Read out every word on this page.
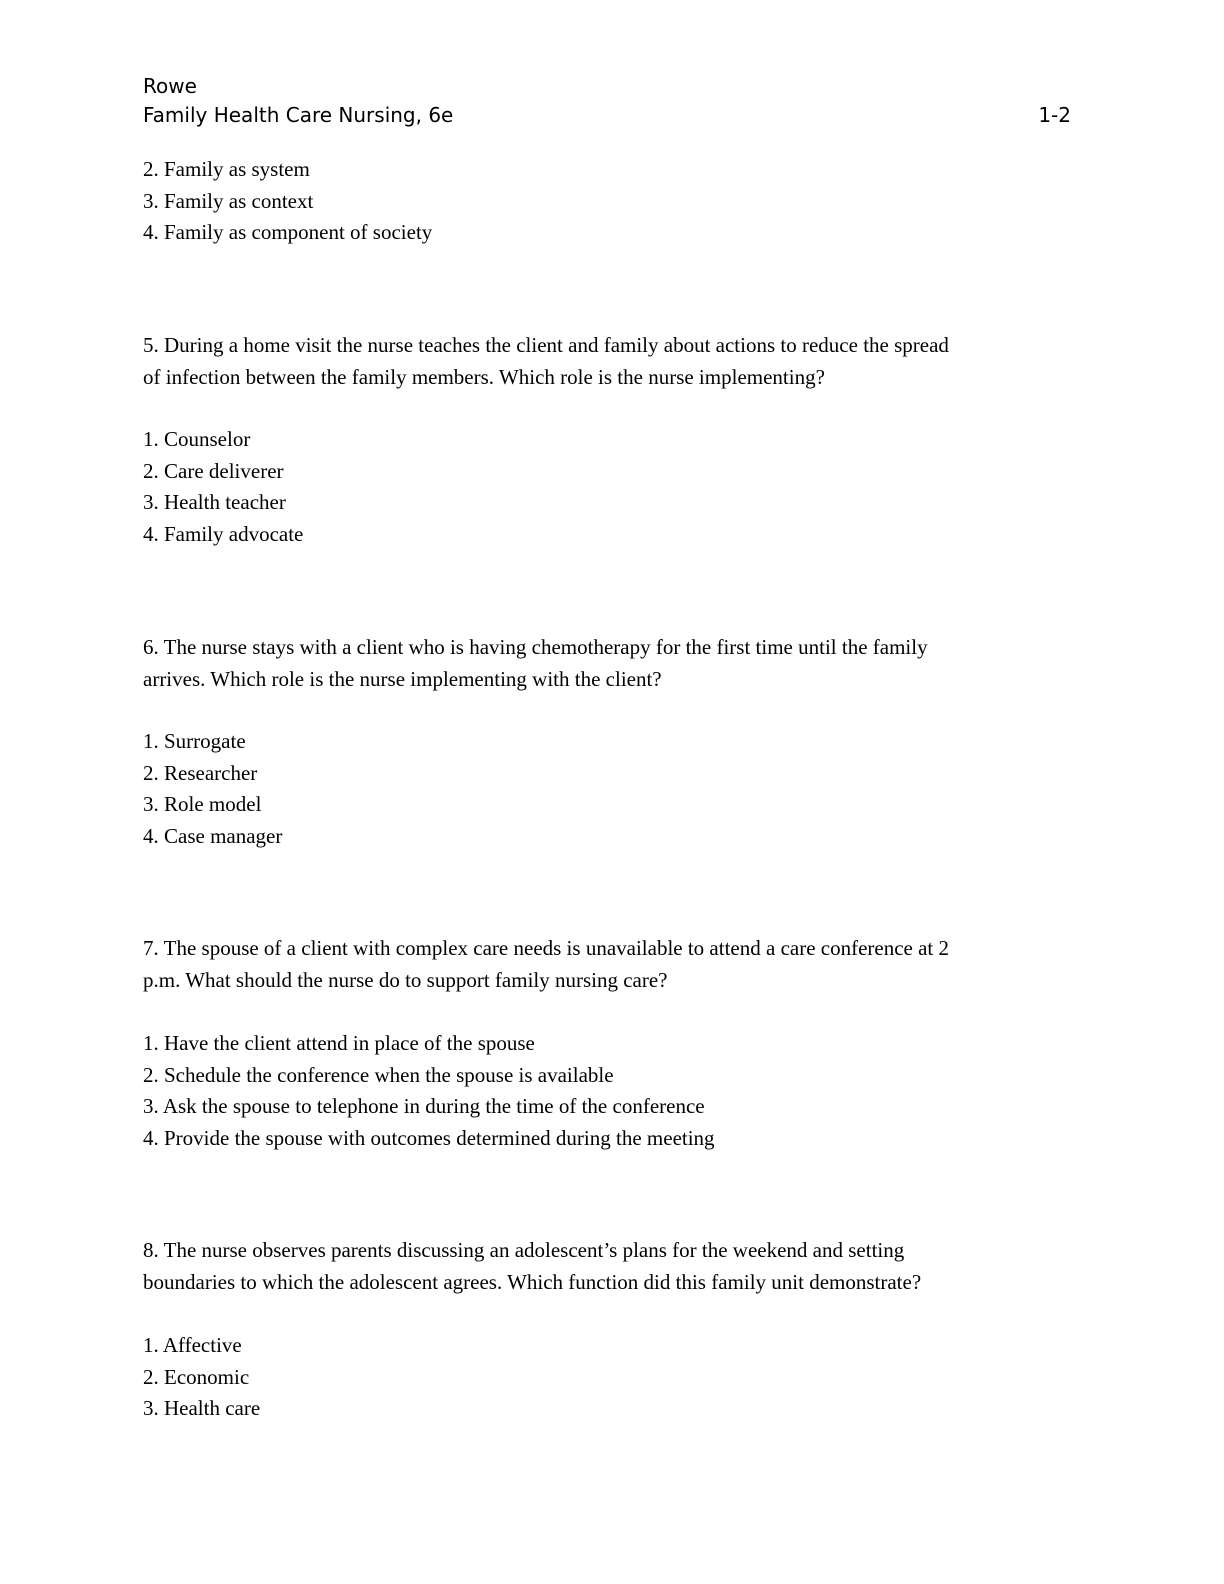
Rowe
Family Health Care Nursing, 6e	1-2
2. Family as system
3. Family as context
4. Family as component of society
5. During a home visit the nurse teaches the client and family about actions to reduce the spread
of infection between the family members. Which role is the nurse implementing?
1. Counselor
2. Care deliverer
3. Health teacher
4. Family advocate
6. The nurse stays with a client who is having chemotherapy for the first time until the family
arrives. Which role is the nurse implementing with the client?
1. Surrogate
2. Researcher
3. Role model
4. Case manager
7. The spouse of a client with complex care needs is unavailable to attend a care conference at 2
p.m. What should the nurse do to support family nursing care?
1. Have the client attend in place of the spouse
2. Schedule the conference when the spouse is available
3. Ask the spouse to telephone in during the time of the conference
4. Provide the spouse with outcomes determined during the meeting
8. The nurse observes parents discussing an adolescent’s plans for the weekend and setting
boundaries to which the adolescent agrees. Which function did this family unit demonstrate?
1. Affective
2. Economic
3. Health care
